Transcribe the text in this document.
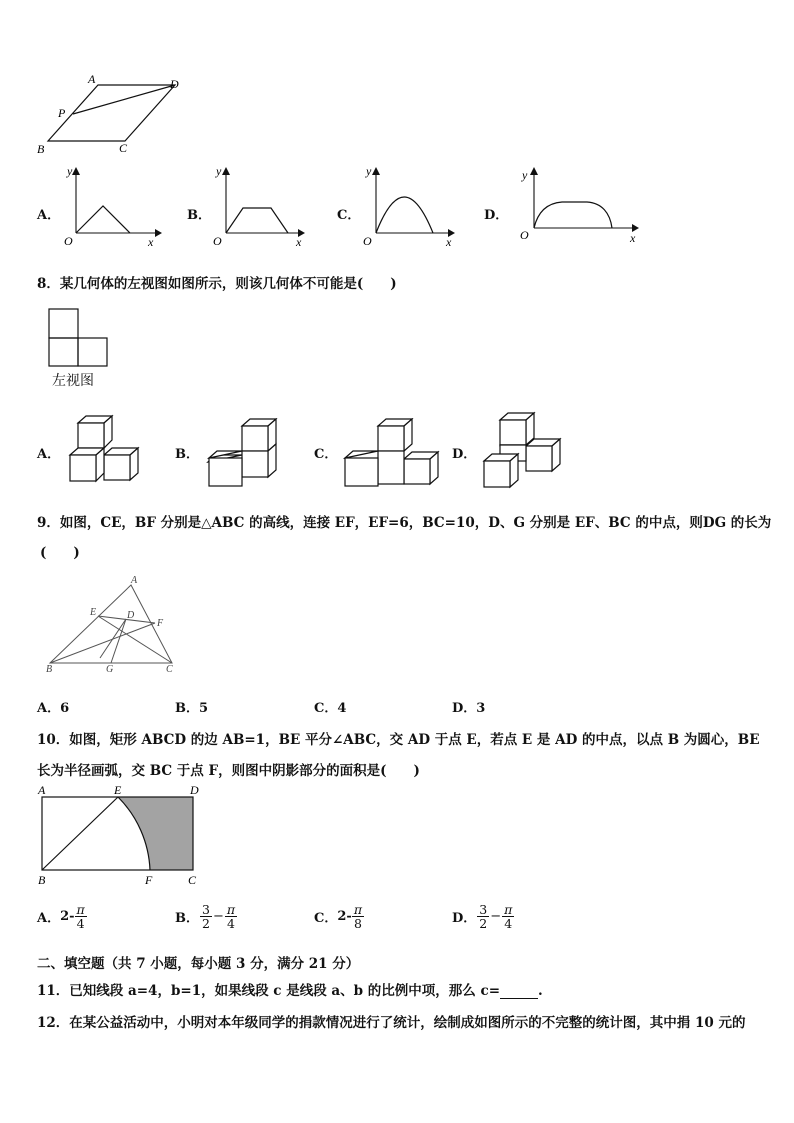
A	D
P
B	C
A．
y
O	x
B．
y
O	x
C．
y
O	x
D．
y
O	x
8．某几何体的左视图如图所示，则该几何体不可能是(　　)
左视图
A．	B．	C．	D．
9．如图，CE，BF 分别是△ABC 的高线，连接 EF，EF=6，BC=10，D、G 分别是 EF、BC 的中点，则DG 的长为
(　　)
A
E	D
F
B	G	C
A．6	B．5	C．4	D．3
10．如图，矩形 ABCD 的边 AB=1，BE 平分∠ABC，交 AD 于点 E，若点 E 是 AD 的中点，以点 B 为圆心，BE
长为半径画弧，交 BC 于点 F，则图中阴影部分的面积是(　　)
A	E	D
B	F	C
A． $2- \frac{\pi}{4}$	B． $\frac{3}{2} - \frac{\pi}{4}$	C． $2- \frac{\pi}{8}$	D． $\frac{3}{2} - \frac{\pi}{4}$
二、填空题（共 7 小题，每小题 3 分，满分 21 分）
11．已知线段 a=4，b=1，如果线段 c 是线段 a、b 的比例中项，那么 c=	.
12．在某公益活动中，小明对本年级同学的捐款情况进行了统计，绘制成如图所示的不完整的统计图，其中捐 10 元的
